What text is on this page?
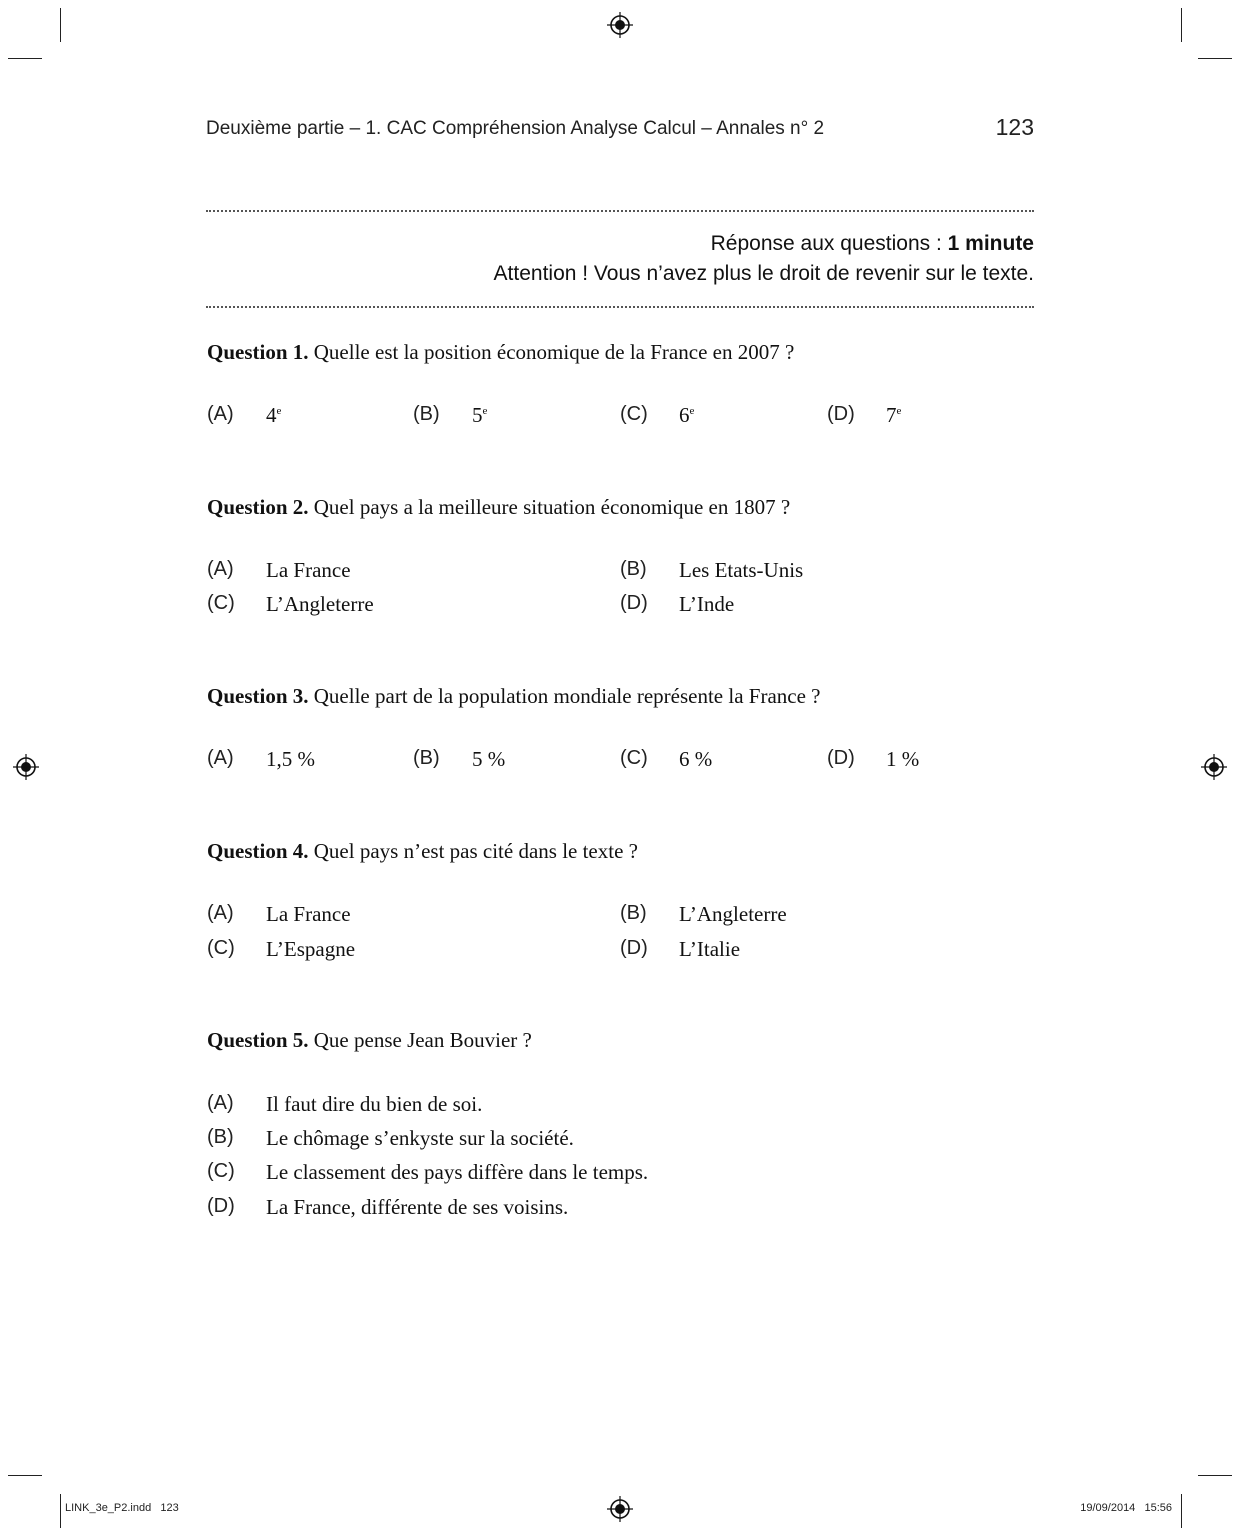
Deuxième partie – 1. CAC Compréhension Analyse Calcul – Annales n° 2	123
Réponse aux questions : 1 minute
Attention ! Vous n’avez plus le droit de revenir sur le texte.
Question 1. Quelle est la position économique de la France en 2007 ?
(A) 4e	(B) 5e	(C) 6e	(D) 7e
Question 2. Quel pays a la meilleure situation économique en 1807 ?
(A) La France	(B) Les Etats-Unis
(C) L’Angleterre	(D) L’Inde
Question 3. Quelle part de la population mondiale représente la France ?
(A) 1,5 %	(B) 5 %	(C) 6 %	(D) 1 %
Question 4. Quel pays n’est pas cité dans le texte ?
(A) La France	(B) L’Angleterre
(C) L’Espagne	(D) L’Italie
Question 5. Que pense Jean Bouvier ?
(A) Il faut dire du bien de soi.
(B) Le chômage s’enkyste sur la société.
(C) Le classement des pays diffère dans le temps.
(D) La France, différente de ses voisins.
LINK_3e_P2.indd   123	19/09/2014   15:56
